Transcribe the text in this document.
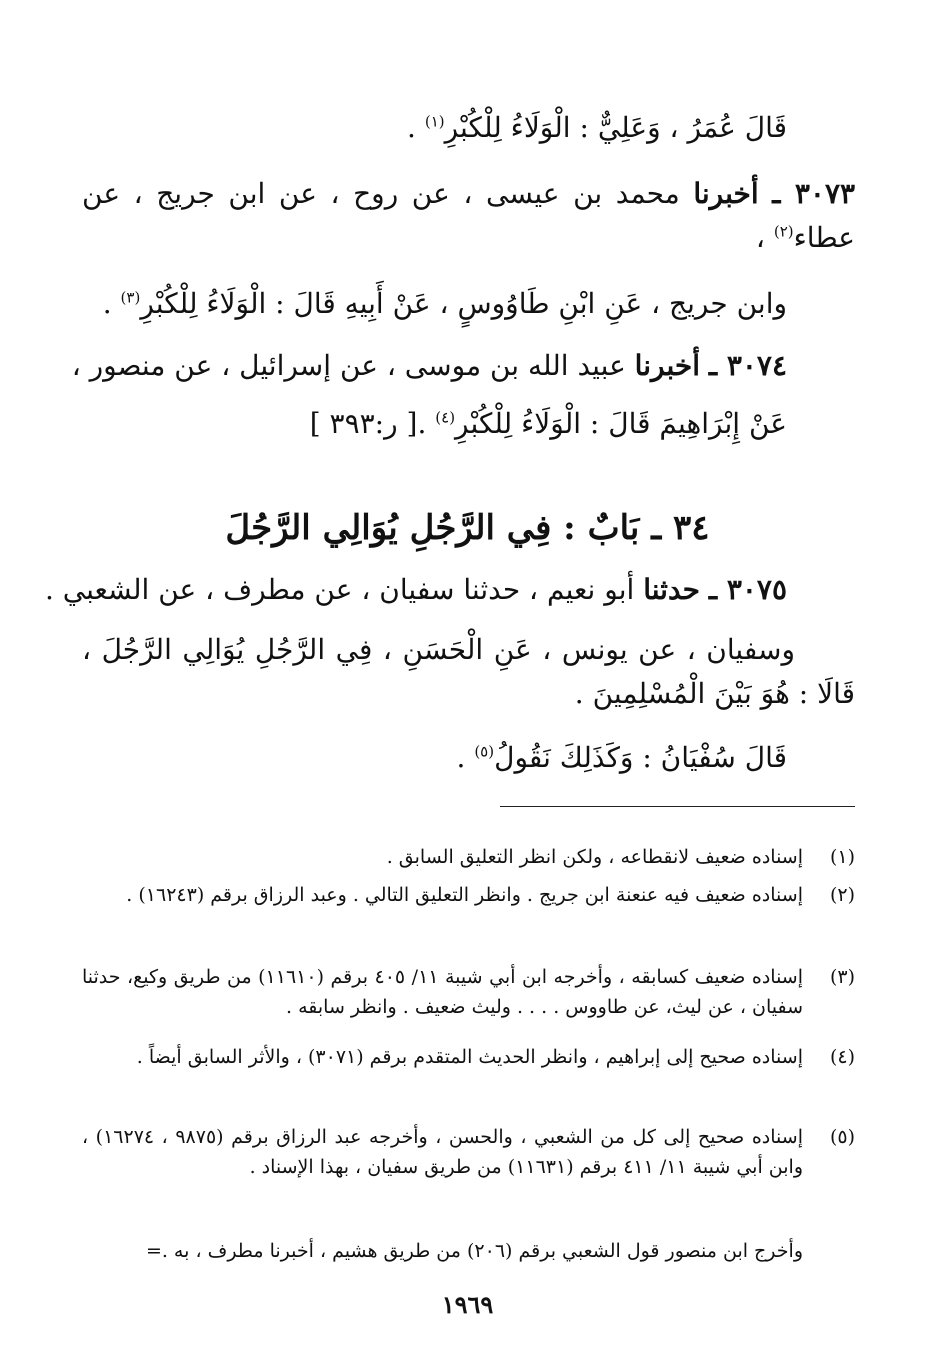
قَالَ عُمَرُ ، وَعَلِيٌّ : الْوَلَاءُ لِلْكُبْرِ$^{(١)}$ .
٣٠٧٣ ـ أخبرنا محمد بن عيسى ، عن روح ، عن ابن جريج ، عن عطاء$^{(٢)}$ ،
وابن جريج ، عَنِ ابْنِ طَاوُوسٍ ، عَنْ أَبِيهِ قَالَ : الْوَلَاءُ لِلْكُبْرِ$^{(٣)}$ .
٣٠٧٤ ـ أخبرنا عبيد الله بن موسى ، عن إسرائيل ، عن منصور ،
عَنْ إِبْرَاهِيمَ قَالَ : الْوَلَاءُ لِلْكُبْرِ$^{(٤)}$ .[ ر:٣٩٣ ]
٣٤ ـ بَابٌ : فِي الرَّجُلِ يُوَالِي الرَّجُلَ
٣٠٧٥ ـ حدثنا أبو نعيم ، حدثنا سفيان ، عن مطرف ، عن الشعبي .
وسفيان ، عن يونس ، عَنِ الْحَسَنِ ، فِي الرَّجُلِ يُوَالِي الرَّجُلَ ، قَالَا : هُوَ بَيْنَ الْمُسْلِمِينَ .
قَالَ سُفْيَانُ : وَكَذَلِكَ نَقُولُ$^{(٥)}$ .
(١)
إسناده ضعيف لانقطاعه ، ولكن انظر التعليق السابق .
(٢)
إسناده ضعيف فيه عنعنة ابن جريج . وانظر التعليق التالي . وعبد الرزاق برقم (١٦٢٤٣) .
(٣)
إسناده ضعيف كسابقه ، وأخرجه ابن أبي شيبة ١١/ ٤٠٥ برقم (١١٦١٠) من طريق وكيع، حدثنا سفيان ، عن ليث، عن طاووس . . . . وليث ضعيف . وانظر سابقه .
(٤)
إسناده صحيح إلى إبراهيم ، وانظر الحديث المتقدم برقم (٣٠٧١) ، والأثر السابق أيضاً .
(٥)
إسناده صحيح إلى كل من الشعبي ، والحسن ، وأخرجه عبد الرزاق برقم (٩٨٧٥ ، ١٦٢٧٤) ، وابن أبي شيبة ١١/ ٤١١ برقم (١١٦٣١) من طريق سفيان ، بهذا الإسناد .
وأخرج ابن منصور قول الشعبي برقم (٢٠٦) من طريق هشيم ، أخبرنا مطرف ، به .=
١٩٦٩
